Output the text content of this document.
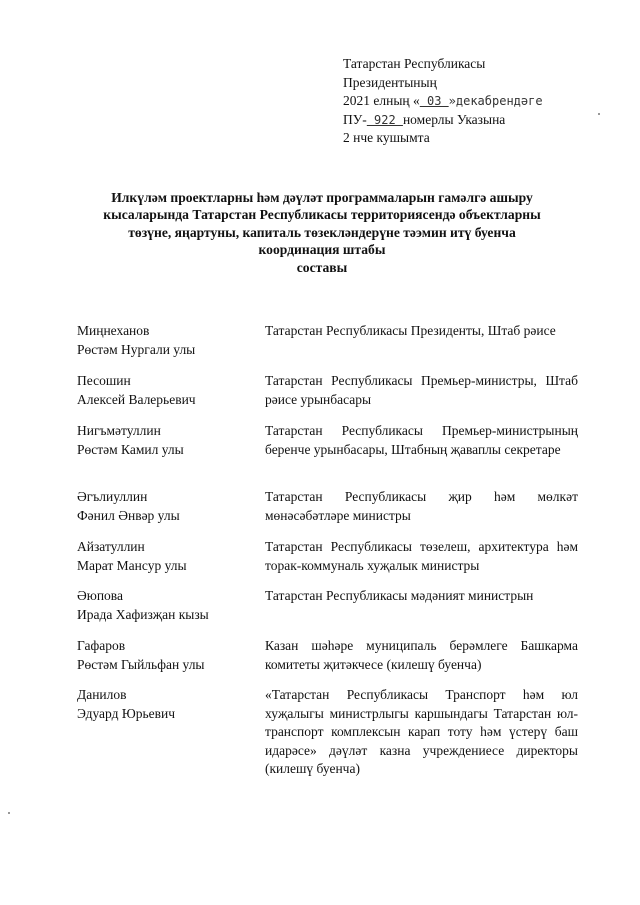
Татарстан Республикасы
Президентының
2021 елның « 03 »декабрендәге
ПУ- 922 номерлы Указына
2 нче кушымта
Илкүләм проектларны һәм дәүләт программаларын гамәлгә ашыру
кысаларында Татарстан Республикасы территориясендә объектларны
төзүне, яңартуны, капиталь төзекләндерүне тәэмин итү буенча
координация штабы
составы
Миңнеханов
Рөстәм Нургали улы
Татарстан Республикасы Президенты, Штаб рәисе
Песошин
Алексей Валерьевич
Татарстан Республикасы Премьер-министры, Штаб рәисе урынбасары
Нигъмәтуллин
Рөстәм Камил улы
Татарстан Республикасы Премьер-министрының беренче урынбасары, Штабның җаваплы секретаре
Әгълиуллин
Фәнил Әнвәр улы
Татарстан Республикасы җир һәм мөлкәт мөнәсәбәтләре министры
Айзатуллин
Марат Мансур улы
Татарстан Республикасы төзелеш, архитектура һәм торак-коммуналь хуҗалык министры
Әюпова
Ирада Хафизҗан кызы
Татарстан Республикасы мәдәният министрын
Гафаров
Рөстәм Гыйльфан улы
Казан шәһәре муниципаль берәмлеге Башкарма комитеты җитәкчесе (килешү буенча)
Данилов
Эдуард Юрьевич
«Татарстан Республикасы Транспорт һәм юл хуҗалыгы министрлыгы каршындагы Татарстан юл-транспорт комплексын карап тоту һәм үстерү баш идарәсе» дәүләт казна учреждениесе директоры (килешү буенча)
